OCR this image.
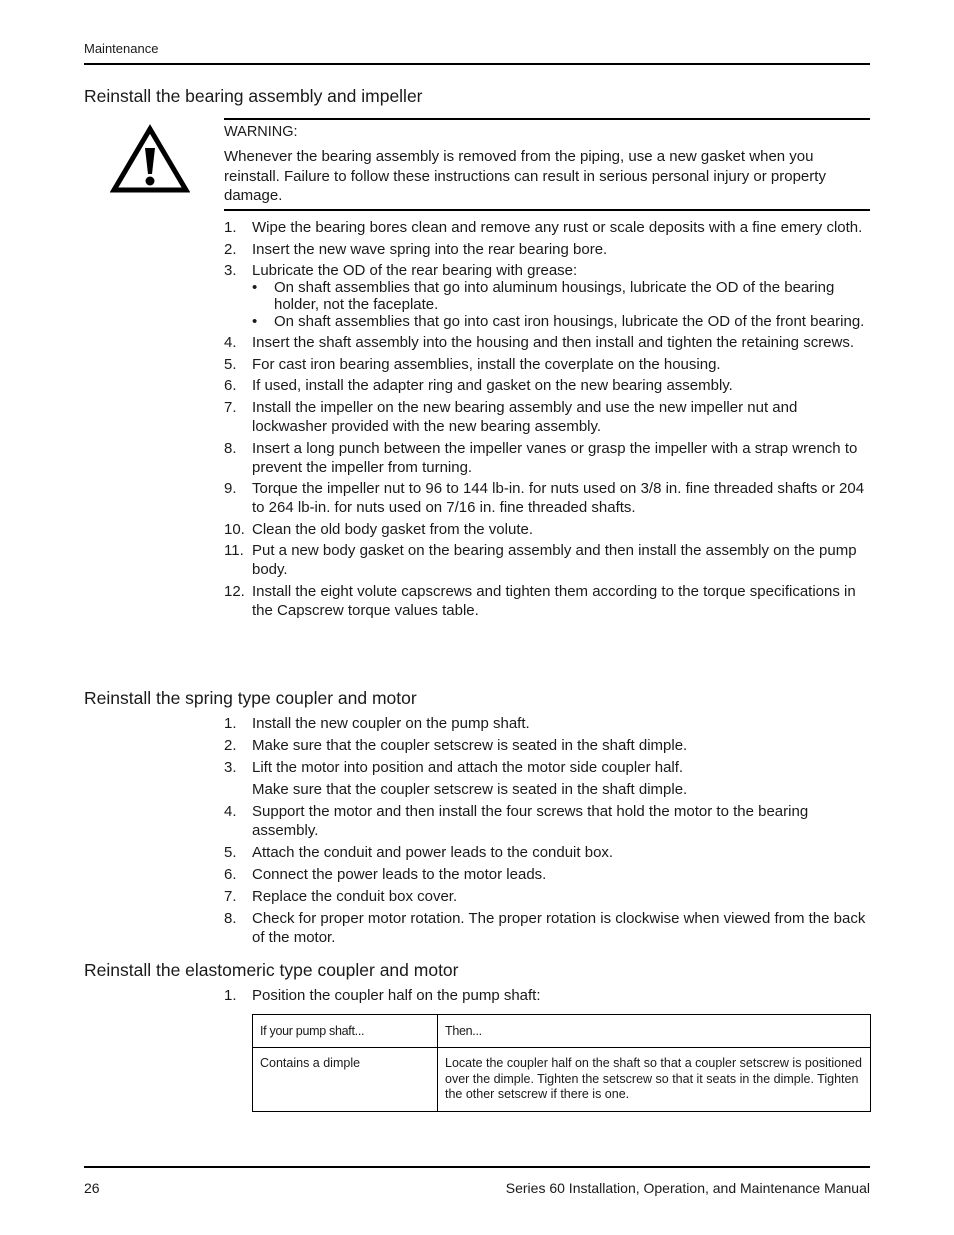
Maintenance
Reinstall the bearing assembly and impeller
WARNING:
Whenever the bearing assembly is removed from the piping, use a new gasket when you reinstall. Failure to follow these instructions can result in serious personal injury or property damage.
1.	Wipe the bearing bores clean and remove any rust or scale deposits with a fine emery cloth.
2.	Insert the new wave spring into the rear bearing bore.
3.	Lubricate the OD of the rear bearing with grease:
• On shaft assemblies that go into aluminum housings, lubricate the OD of the bearing holder, not the faceplate.
• On shaft assemblies that go into cast iron housings, lubricate the OD of the front bearing.
4.	Insert the shaft assembly into the housing and then install and tighten the retaining screws.
5.	For cast iron bearing assemblies, install the coverplate on the housing.
6.	If used, install the adapter ring and gasket on the new bearing assembly.
7.	Install the impeller on the new bearing assembly and use the new impeller nut and lockwasher provided with the new bearing assembly.
8.	Insert a long punch between the impeller vanes or grasp the impeller with a strap wrench to prevent the impeller from turning.
9.	Torque the impeller nut to 96 to 144 lb-in. for nuts used on 3/8 in. fine threaded shafts or 204 to 264 lb-in. for nuts used on 7/16 in. fine threaded shafts.
10. Clean the old body gasket from the volute.
11. Put a new body gasket on the bearing assembly and then install the assembly on the pump body.
12. Install the eight volute capscrews and tighten them according to the torque specifications in the Capscrew torque values table.
Reinstall the spring type coupler and motor
1.	Install the new coupler on the pump shaft.
2.	Make sure that the coupler setscrew is seated in the shaft dimple.
3.	Lift the motor into position and attach the motor side coupler half.
Make sure that the coupler setscrew is seated in the shaft dimple.
4.	Support the motor and then install the four screws that hold the motor to the bearing assembly.
5.	Attach the conduit and power leads to the conduit box.
6.	Connect the power leads to the motor leads.
7.	Replace the conduit box cover.
8.	Check for proper motor rotation. The proper rotation is clockwise when viewed from the back of the motor.
Reinstall the elastomeric type coupler and motor
1.	Position the coupler half on the pump shaft:
If your pump shaft...	Then...
Contains a dimple	Locate the coupler half on the shaft so that a coupler setscrew is positioned over the dimple. Tighten the setscrew so that it seats in the dimple. Tighten the other setscrew if there is one.
26	Series 60 Installation, Operation, and Maintenance Manual
